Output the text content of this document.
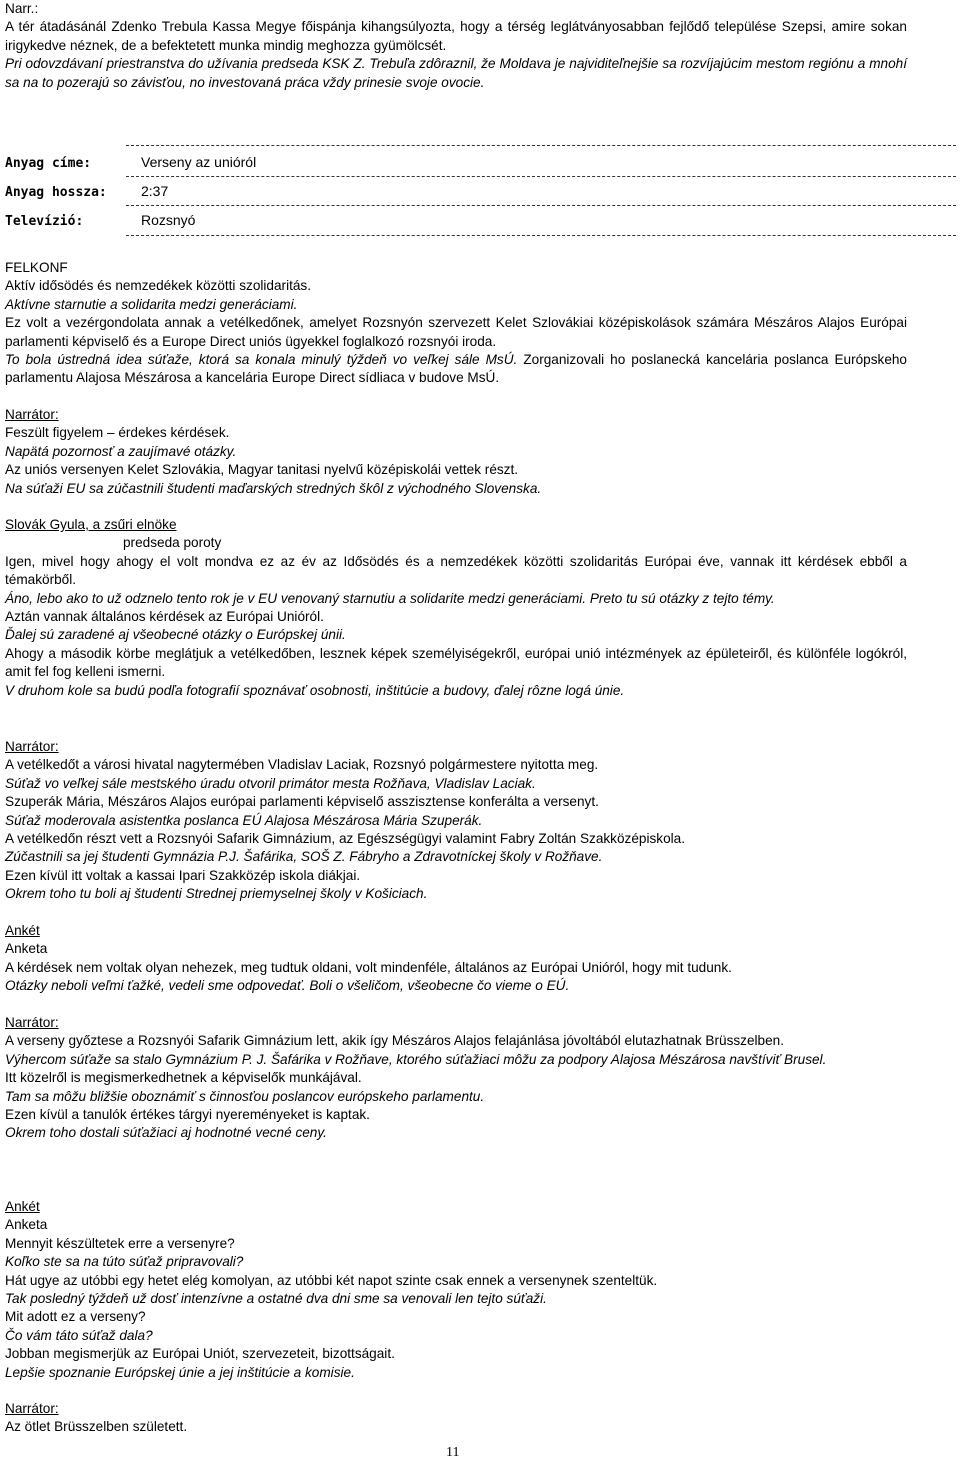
Narr.:

A tér átadásánál Zdenko Trebula Kassa Megye főispánja kihangsúlyozta, hogy a térség leglátványosabban fejlődő települése Szepsi, amire sokan irigykedve néznek, de a befektetett munka mindig meghozza gyümölcsét.

Pri odovzdávaní priestranstva do užívania predseda KSK Z. Trebuľa zdôraznil, že Moldava je najviditeľnejšie sa rozvíjajúcim mestom regiónu a mnohí sa na to pozerajú so závisťou, no investovaná práca vždy prinesie svoje ovocie.

Anyag címe:	Verseny az unióról
Anyag hossza: 2:37
Televízió:	Rozsnyó

FELKONF

Aktív idősödés és nemzedékek közötti szolidaritás.

Aktívne starnutie a solidarita medzi generáciami.

Ez volt a vezérgondolata annak a vetélkedőnek, amelyet Rozsnyón szervezett Kelet Szlovákiai középiskolások számára Mészáros Alajos Európai parlamenti képviselő és a Europe Direct uniós ügyekkel foglalkozó rozsnyói iroda.

To bola ústredná idea súťaže, ktorá sa konala minulý týždeň vo veľkej sále MsÚ. Zorganizovali ho poslanecká kancelária poslanca Európskeho parlamentu Alajosa Mészárosa a kancelária Europe Direct sídliaca v budove MsÚ.

Narrátor:

Feszült figyelem – érdekes kérdések.

Napätá pozornosť a zaujímavé otázky.

Az uniós versenyen Kelet Szlovákia, Magyar tanitasi nyelvű középiskolái vettek részt.

Na súťaži EU sa zúčastnili študenti maďarských stredných škôl z východného Slovenska.

Slovák Gyula, a zsűri elnöke

predseda poroty

Igen, mivel hogy ahogy el volt mondva ez az év az Idősödés és a nemzedékek közötti szolidaritás Európai éve, vannak itt kérdések ebből a témakörből.

Áno, lebo ako to už odznelo tento rok je v EU venovaný starnutiu a solidarite medzi generáciami. Preto tu sú otázky z tejto témy.

Aztán vannak általános kérdések az Európai Unióról.

Ďalej sú zaradené aj všeobecné otázky o Európskej únii.

Ahogy a második körbe meglátjuk a vetélkedőben, lesznek képek személyiségekről, európai unió intézmények az épületeiről, és különféle logókról, amit fel fog kelleni ismerni.

V druhom kole sa budú podľa fotografií spoznávať osobnosti, inštitúcie a budovy, ďalej rôzne logá únie.

Narrátor:

A vetélkedőt a városi hivatal nagytermében Vladislav Laciak, Rozsnyó polgármestere nyitotta meg.

Súťaž vo veľkej sále mestského úradu otvoril primátor mesta Rožňava, Vladislav Laciak.

Szuperák Mária, Mészáros Alajos európai parlamenti képviselő asszisztense konferálta a versenyt.

Súťaž moderovala asistentka poslanca EÚ Alajosa Mészárosa Mária Szuperák.

A vetélkedőn részt vett a Rozsnyói Safarik Gimnázium, az Egészségügyi valamint Fabry Zoltán Szakközépiskola.

Zúčastnili sa jej študenti Gymnázia P.J. Šafárika, SOŠ Z. Fábryho a Zdravotníckej školy v Rožňave.

Ezen kívül itt voltak a kassai Ipari Szakközép iskola diákjai.

Okrem toho tu boli aj študenti Strednej priemyselnej školy v Košiciach.

Ankét

Anketa

A kérdések nem voltak olyan nehezek, meg tudtuk oldani, volt mindenféle, általános az Európai Unióról, hogy mit tudunk.

Otázky neboli veľmi ťažké, vedeli sme odpovedať. Boli o všeličom, všeobecne čo vieme o EÚ.

Narrátor:

A verseny győztese a Rozsnyói Safarik Gimnázium lett, akik így Mészáros Alajos felajánlása jóvoltából elutazhatnak Brüsszelben.

Výhercom súťaže sa stalo Gymnázium P. J. Šafárika v Rožňave, ktorého súťažiaci môžu za podpory Alajosa Mészárosa navštíviť Brusel.

Itt közelről is megismerkedhetnek a képviselők munkájával.

Tam sa môžu bližšie oboznámiť s činnosťou poslancov európskeho parlamentu.

Ezen kívül a tanulók értékes tárgyi nyereményeket is kaptak.

Okrem toho dostali súťažiaci aj hodnotné vecné ceny.

Ankét

Anketa

Mennyit készültetek erre a versenyre?

Koľko ste sa na túto súťaž pripravovali?

Hát ugye az utóbbi egy hetet elég komolyan, az utóbbi két napot szinte csak ennek a versenynek szenteltük.

Tak posledný týždeň už dosť intenzívne a ostatné dva dni sme sa venovali len tejto súťaži.

Mit adott ez a verseny?

Čo vám táto súťaž dala?

Jobban megismerjük az Európai Uniót, szervezeteit, bizottságait.

Lepšie spoznanie Európskej únie a jej inštitúcie a komisie.

Narrátor:

Az ötlet Brüsszelben született.

11
